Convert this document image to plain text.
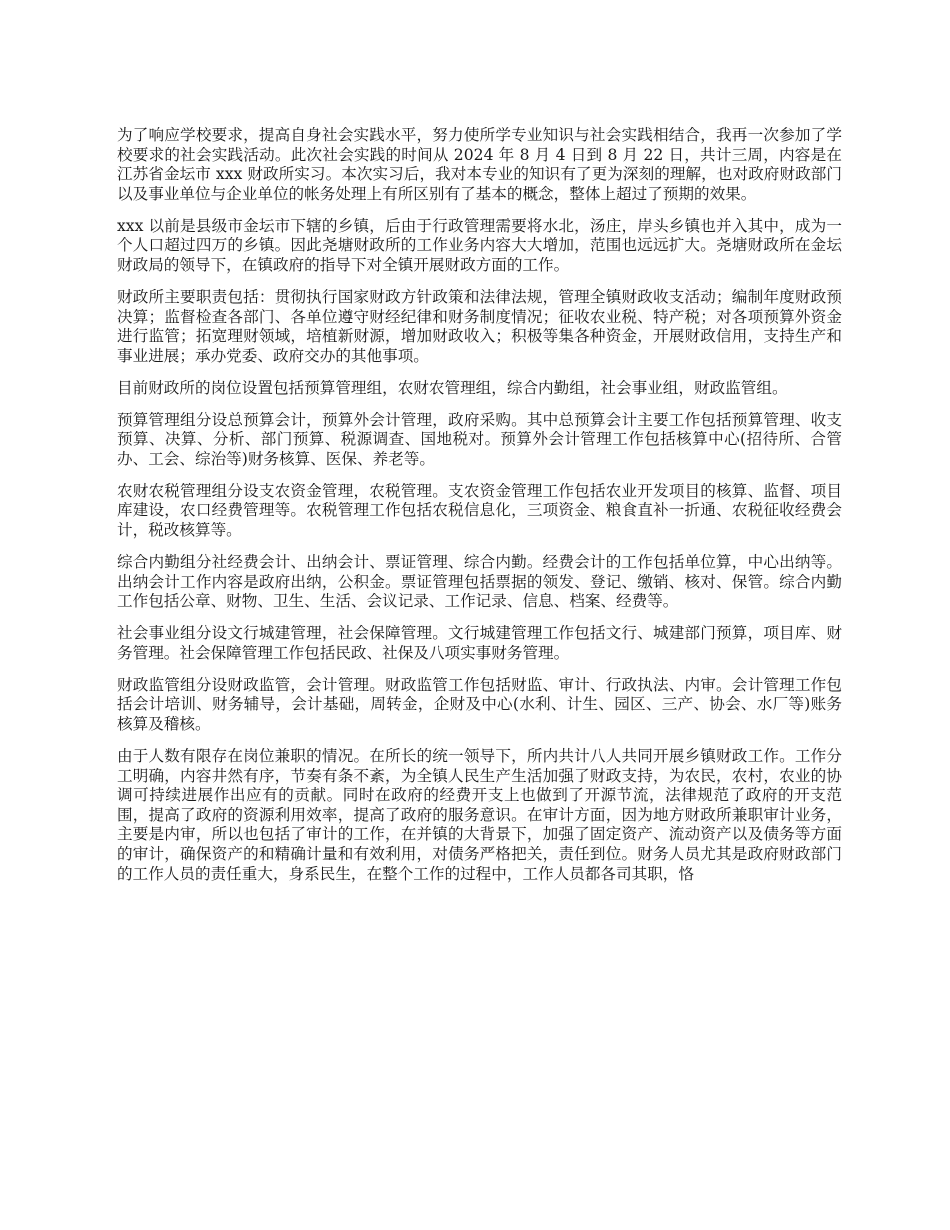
为了响应学校要求，提高自身社会实践水平，努力使所学专业知识与社会实践相结合，我再一次参加了学校要求的社会实践活动。此次社会实践的时间从 2024 年 8 月 4 日到 8 月 22 日，共计三周，内容是在江苏省金坛市 xxx 财政所实习。本次实习后，我对本专业的知识有了更为深刻的理解，也对政府财政部门以及事业单位与企业单位的帐务处理上有所区别有了基本的概念，整体上超过了预期的效果。

xxx 以前是县级市金坛市下辖的乡镇，后由于行政管理需要将水北，汤庄，岸头乡镇也并入其中，成为一个人口超过四万的乡镇。因此尧塘财政所的工作业务内容大大增加，范围也远远扩大。尧塘财政所在金坛财政局的领导下，在镇政府的指导下对全镇开展财政方面的工作。

财政所主要职责包括：贯彻执行国家财政方针政策和法律法规，管理全镇财政收支活动；编制年度财政预决算；监督检查各部门、各单位遵守财经纪律和财务制度情况；征收农业税、特产税；对各项预算外资金进行监管；拓宽理财领域，培植新财源，增加财政收入；积极等集各种资金，开展财政信用，支持生产和事业进展；承办党委、政府交办的其他事项。

目前财政所的岗位设置包括预算管理组，农财农管理组，综合内勤组，社会事业组，财政监管组。

预算管理组分设总预算会计，预算外会计管理，政府采购。其中总预算会计主要工作包括预算管理、收支预算、决算、分析、部门预算、税源调查、国地税对。预算外会计管理工作包括核算中心(招待所、合管办、工会、综治等)财务核算、医保、养老等。

农财农税管理组分设支农资金管理，农税管理。支农资金管理工作包括农业开发项目的核算、监督、项目库建设，农口经费管理等。农税管理工作包括农税信息化，三项资金、粮食直补一折通、农税征收经费会计，税改核算等。

综合内勤组分社经费会计、出纳会计、票证管理、综合内勤。经费会计的工作包括单位算，中心出纳等。出纳会计工作内容是政府出纳，公积金。票证管理包括票据的领发、登记、缴销、核对、保管。综合内勤工作包括公章、财物、卫生、生活、会议记录、工作记录、信息、档案、经费等。

社会事业组分设文行城建管理，社会保障管理。文行城建管理工作包括文行、城建部门预算，项目库、财务管理。社会保障管理工作包括民政、社保及八项实事财务管理。

财政监管组分设财政监管，会计管理。财政监管工作包括财监、审计、行政执法、内审。会计管理工作包括会计培训、财务辅导，会计基础，周转金，企财及中心(水利、计生、园区、三产、协会、水厂等)账务核算及稽核。

由于人数有限存在岗位兼职的情况。在所长的统一领导下，所内共计八人共同开展乡镇财政工作。工作分工明确，内容井然有序，节奏有条不紊，为全镇人民生产生活加强了财政支持，为农民，农村，农业的协调可持续进展作出应有的贡献。同时在政府的经费开支上也做到了开源节流，法律规范了政府的开支范围，提高了政府的资源利用效率，提高了政府的服务意识。在审计方面，因为地方财政所兼职审计业务，主要是内审，所以也包括了审计的工作，在并镇的大背景下，加强了固定资产、流动资产以及债务等方面的审计，确保资产的和精确计量和有效利用，对债务严格把关，责任到位。财务人员尤其是政府财政部门的工作人员的责任重大，身系民生，在整个工作的过程中，工作人员都各司其职，恪
